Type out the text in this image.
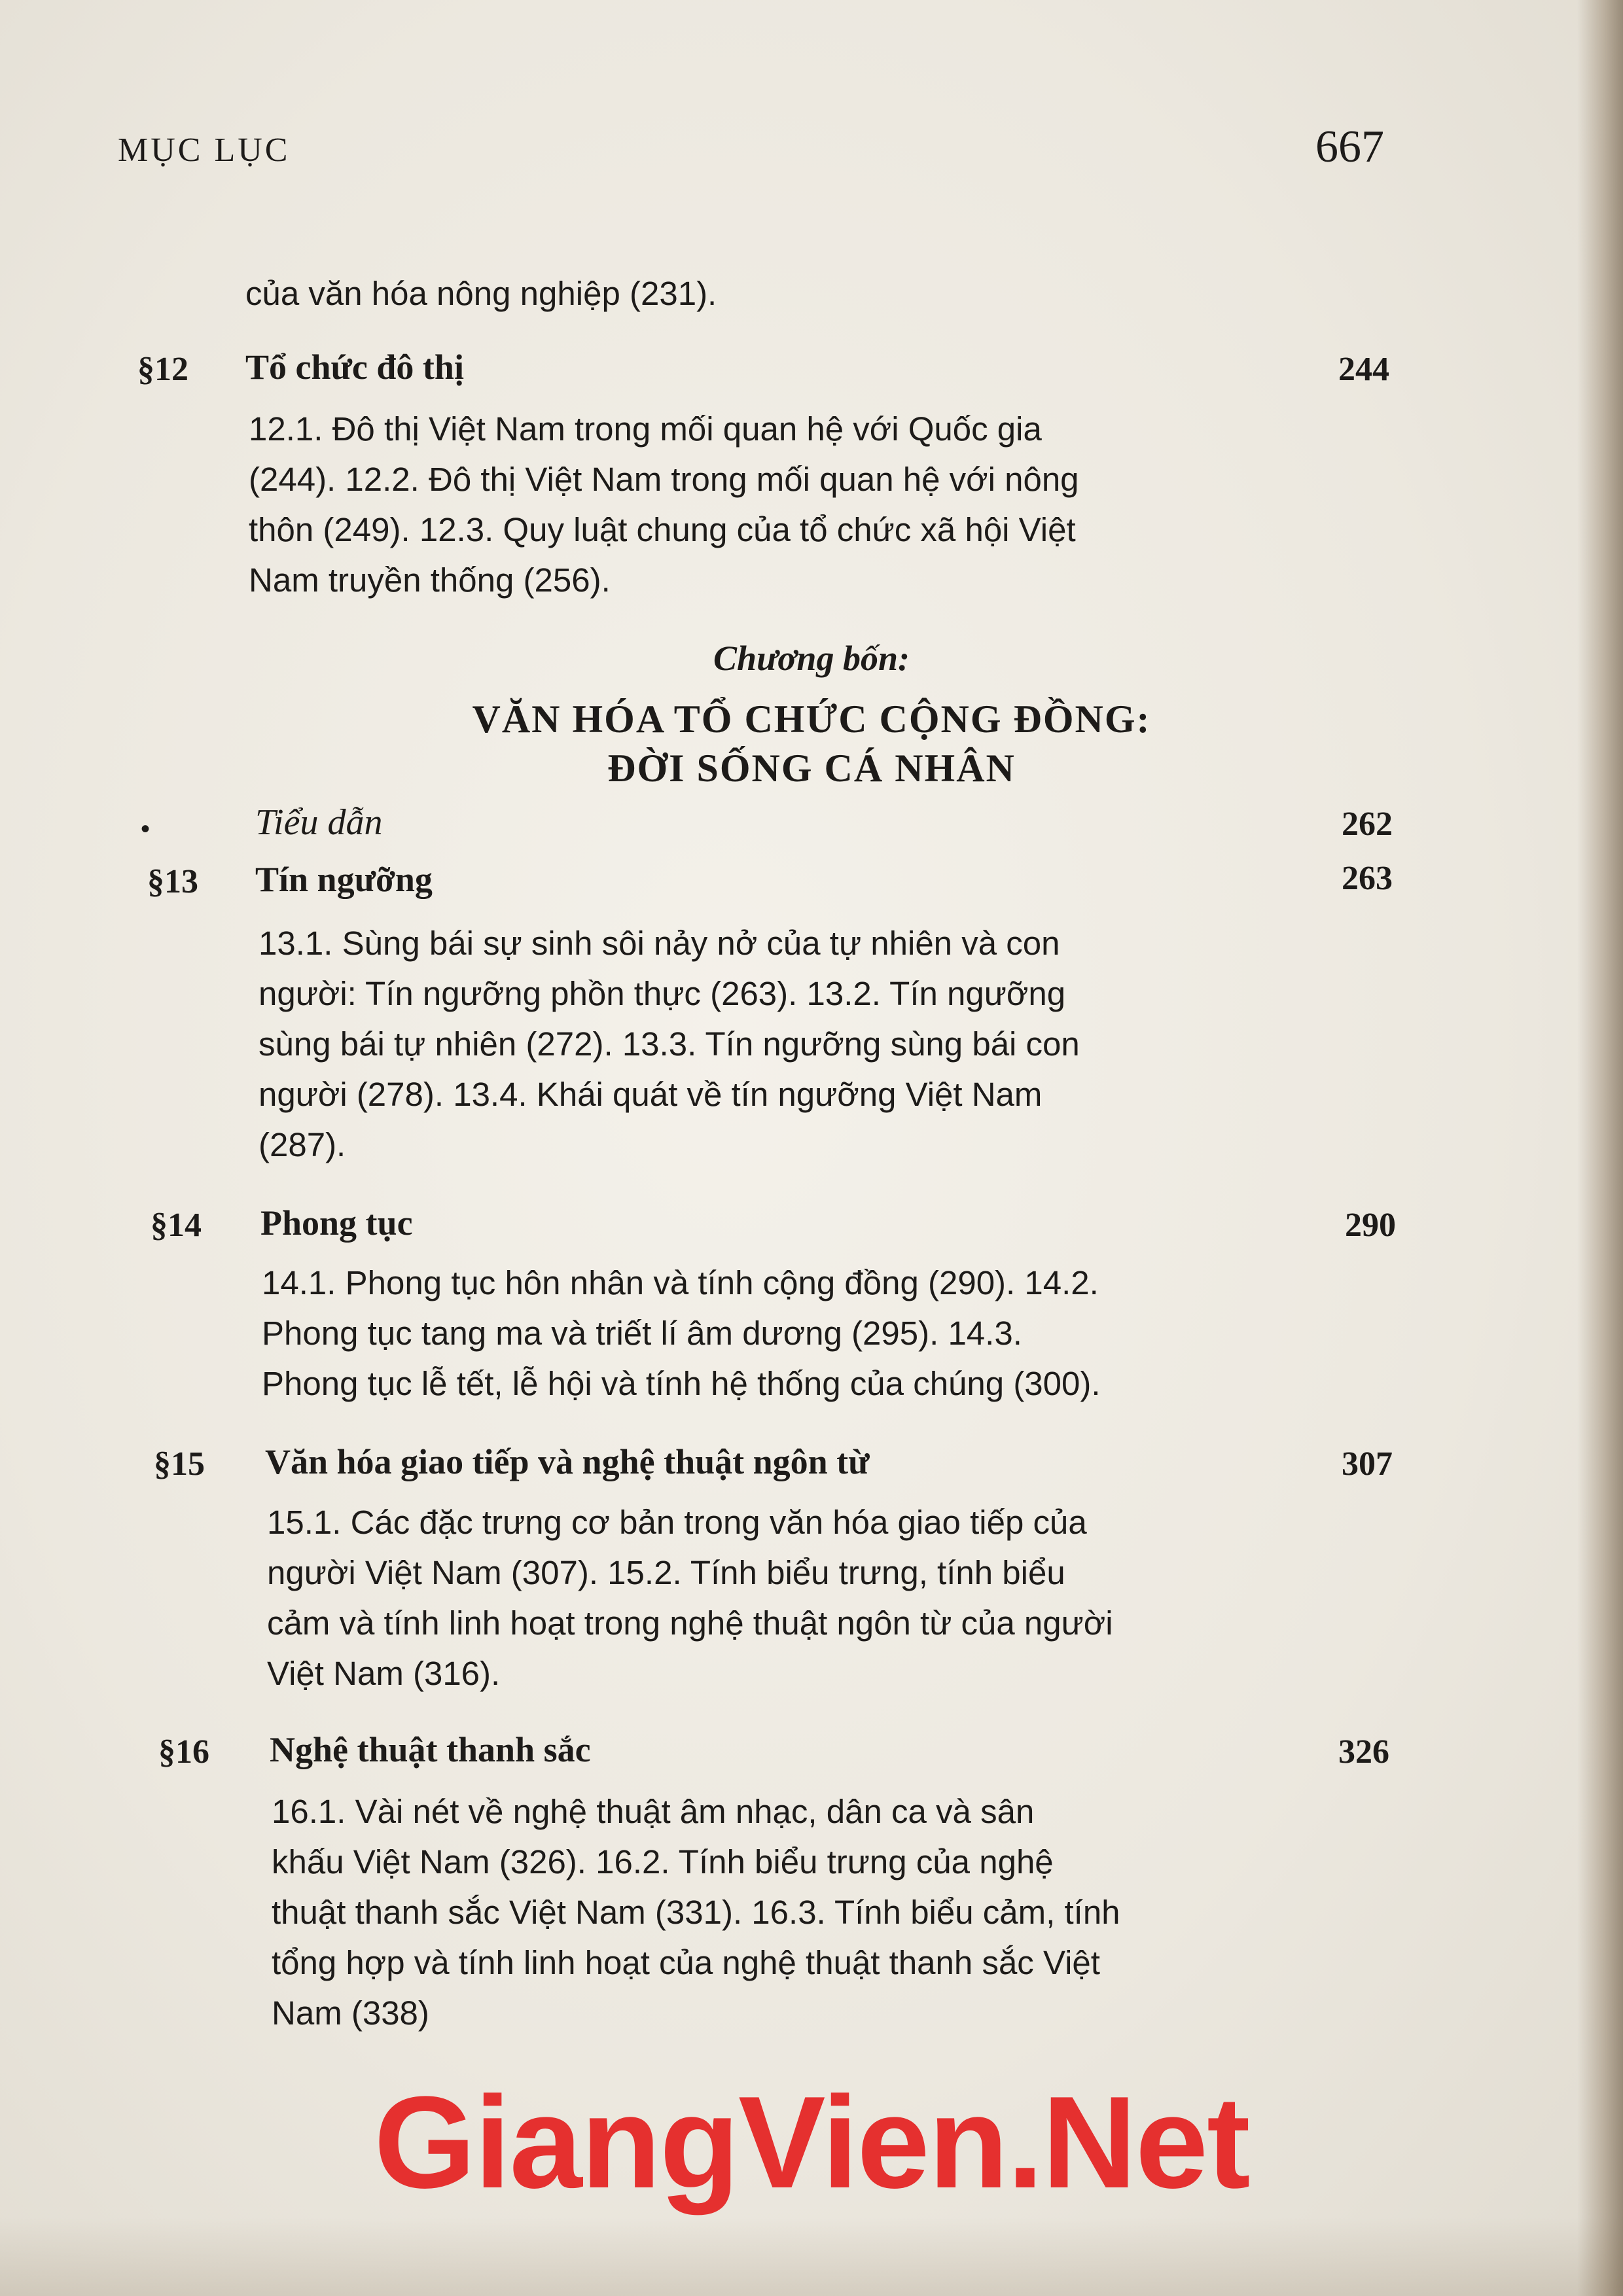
MỤC LỤC	667
của văn hóa nông nghiệp (231).
§12 Tổ chức đô thị	244
12.1. Đô thị Việt Nam trong mối quan hệ với Quốc gia
(244). 12.2. Đô thị Việt Nam trong mối quan hệ với nông
thôn (249). 12.3. Quy luật chung của tổ chức xã hội Việt
Nam truyền thống (256).
Chương bốn:
VĂN HÓA TỔ CHỨC CỘNG ĐỒNG:
ĐỜI SỐNG CÁ NHÂN
•	Tiểu dẫn	262
§13 Tín ngưỡng	263
13.1. Sùng bái sự sinh sôi nảy nở của tự nhiên và con
người: Tín ngưỡng phồn thực (263). 13.2. Tín ngưỡng
sùng bái tự nhiên (272). 13.3. Tín ngưỡng sùng bái con
người (278). 13.4. Khái quát về tín ngưỡng Việt Nam
(287).
§14 Phong tục	290
14.1. Phong tục hôn nhân và tính cộng đồng (290). 14.2.
Phong tục tang ma và triết lí âm dương (295). 14.3.
Phong tục lễ tết, lễ hội và tính hệ thống của chúng (300).
§15 Văn hóa giao tiếp và nghệ thuật ngôn từ	307
15.1. Các đặc trưng cơ bản trong văn hóa giao tiếp của
người Việt Nam (307). 15.2. Tính biểu trưng, tính biểu
cảm và tính linh hoạt trong nghệ thuật ngôn từ của người
Việt Nam (316).
§16 Nghệ thuật thanh sắc	326
16.1. Vài nét về nghệ thuật âm nhạc, dân ca và sân
khấu Việt Nam (326). 16.2. Tính biểu trưng của nghệ
thuật thanh sắc Việt Nam (331). 16.3. Tính biểu cảm, tính
tổng hợp và tính linh hoạt của nghệ thuật thanh sắc Việt
Nam (338)
GiangVien.Net
